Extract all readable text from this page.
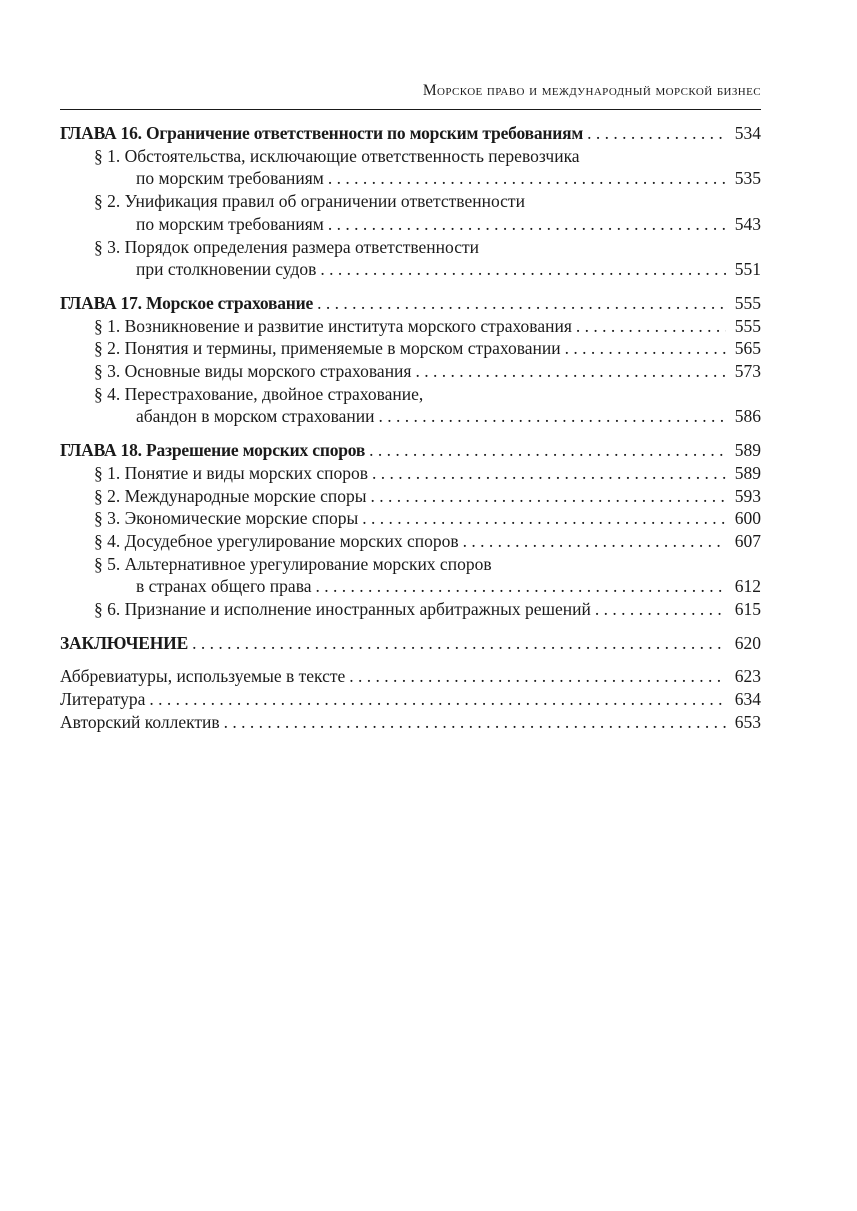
Морское право и международный морской бизнес
ГЛАВА 16. Ограничение ответственности по морским требованиям . . .	534
§ 1. Обстоятельства, исключающие ответственность перевозчика
по морским требованиям . . .	535
§ 2. Унификация правил об ограничении ответственности
по морским требованиям . . .	543
§ 3. Порядок определения размера ответственности
при столкновении судов . . .	551
ГЛАВА 17. Морское страхование . . .	555
§ 1. Возникновение и развитие института морского страхования . . .	555
§ 2. Понятия и термины, применяемые в морском страховании . . .	565
§ 3. Основные виды морского страхования . . .	573
§ 4. Перестрахование, двойное страхование,
абандон в морском страховании . . .	586
ГЛАВА 18. Разрешение морских споров . . .	589
§ 1. Понятие и виды морских споров . . .	589
§ 2. Международные морские споры . . .	593
§ 3. Экономические морские споры . . .	600
§ 4. Досудебное урегулирование морских споров . . .	607
§ 5. Альтернативное урегулирование морских споров
в странах общего права . . .	612
§ 6. Признание и исполнение иностранных арбитражных решений . . .	615
ЗАКЛЮЧЕНИЕ . . .	620
Аббревиатуры, используемые в тексте . . .	623
Литература . . .	634
Авторский коллектив . . .	653
